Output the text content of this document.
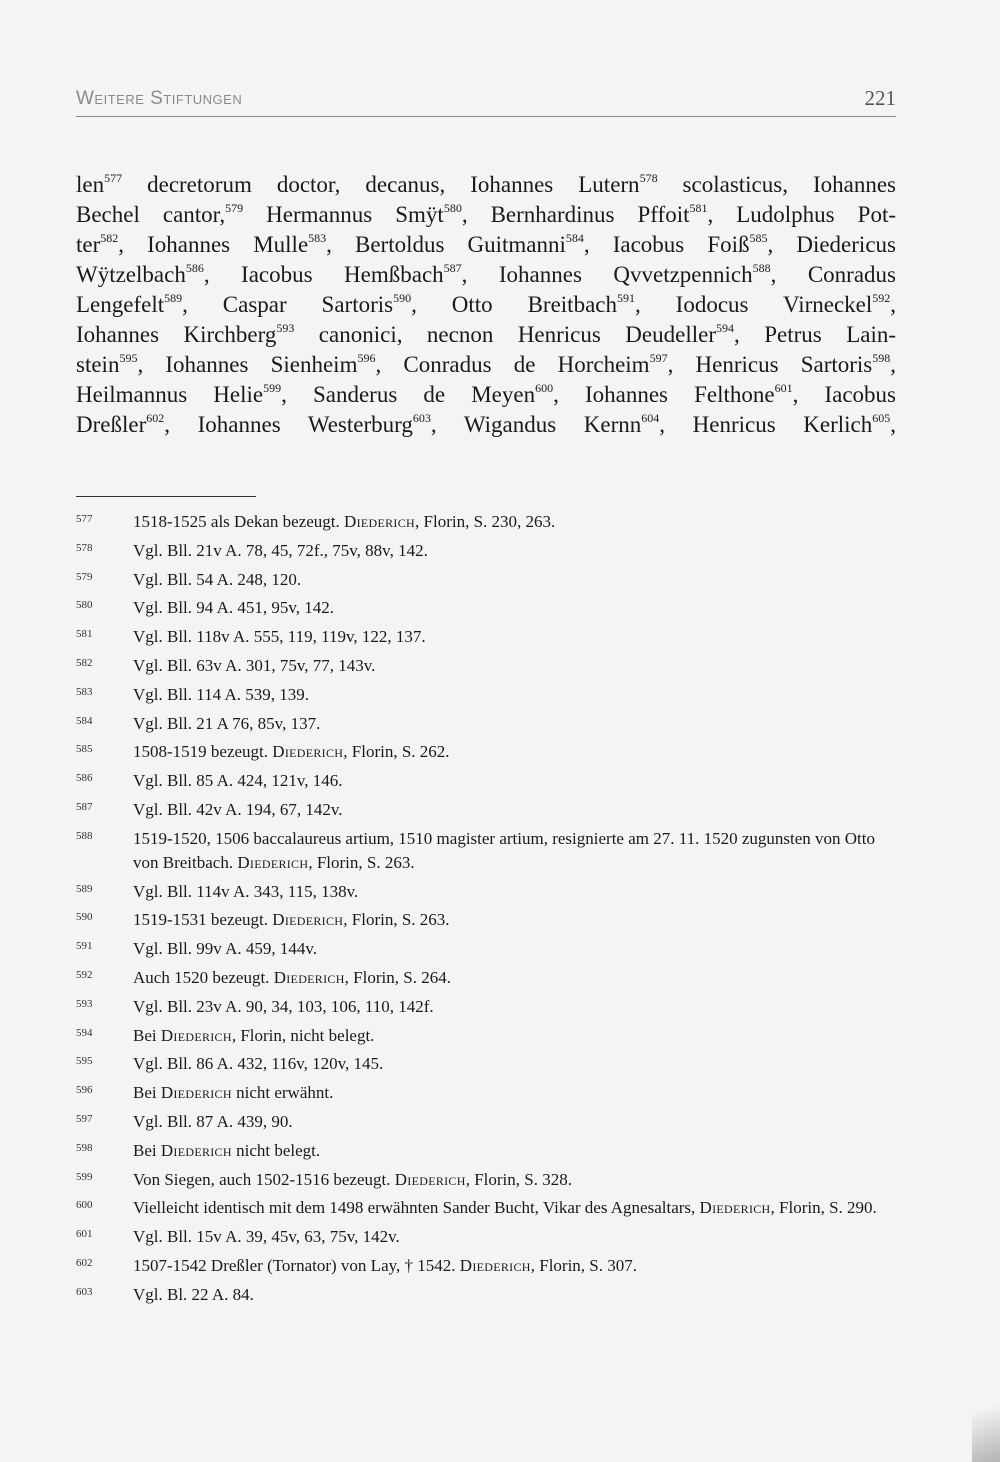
Weitere Stiftungen	221
len$^{577}$ decretorum doctor, decanus, Iohannes Lutern$^{578}$ scolasticus, Iohannes
Bechel cantor,$^{579}$ Hermannus Smÿt$^{580}$, Bernhardinus Pffoit$^{581}$, Ludolphus Pot-
ter$^{582}$, Iohannes Mulle$^{583}$, Bertoldus Guitmanni$^{584}$, Iacobus Foiß$^{585}$, Diedericus
Wÿtzelbach$^{586}$, Iacobus Hemßbach$^{587}$, Iohannes Qvvetzpennich$^{588}$, Conradus
Lengefelt$^{589}$, Caspar Sartoris$^{590}$, Otto Breitbach$^{591}$, Iodocus Virneckel$^{592}$,
Iohannes Kirchberg$^{593}$ canonici, necnon Henricus Deudeller$^{594}$, Petrus Lain-
stein$^{595}$, Iohannes Sienheim$^{596}$, Conradus de Horcheim$^{597}$, Henricus Sartoris$^{598}$,
Heilmannus Helie$^{599}$, Sanderus de Meyen$^{600}$, Iohannes Felthone$^{601}$, Iacobus
Dreßler$^{602}$, Iohannes Westerburg$^{603}$, Wigandus Kernn$^{604}$, Henricus Kerlich$^{605}$,
577 1518-1525 als Dekan bezeugt. Diederich, Florin, S. 230, 263.
578 Vgl. Bll. 21v A. 78, 45, 72f., 75v, 88v, 142.
579 Vgl. Bll. 54 A. 248, 120.
580 Vgl. Bll. 94 A. 451, 95v, 142.
581 Vgl. Bll. 118v A. 555, 119, 119v, 122, 137.
582 Vgl. Bll. 63v A. 301, 75v, 77, 143v.
583 Vgl. Bll. 114 A. 539, 139.
584 Vgl. Bll. 21 A 76, 85v, 137.
585 1508-1519 bezeugt. Diederich, Florin, S. 262.
586 Vgl. Bll. 85 A. 424, 121v, 146.
587 Vgl. Bll. 42v A. 194, 67, 142v.
588 1519-1520, 1506 baccalaureus artium, 1510 magister artium, resignierte am 27. 11. 1520 zugunsten von Otto von Breitbach. Diederich, Florin, S. 263.
589 Vgl. Bll. 114v A. 343, 115, 138v.
590 1519-1531 bezeugt. Diederich, Florin, S. 263.
591 Vgl. Bll. 99v A. 459, 144v.
592 Auch 1520 bezeugt. Diederich, Florin, S. 264.
593 Vgl. Bll. 23v A. 90, 34, 103, 106, 110, 142f.
594 Bei Diederich, Florin, nicht belegt.
595 Vgl. Bll. 86 A. 432, 116v, 120v, 145.
596 Bei Diederich nicht erwähnt.
597 Vgl. Bll. 87 A. 439, 90.
598 Bei Diederich nicht belegt.
599 Von Siegen, auch 1502-1516 bezeugt. Diederich, Florin, S. 328.
600 Vielleicht identisch mit dem 1498 erwähnten Sander Bucht, Vikar des Agnesaltars, Diederich, Florin, S. 290.
601 Vgl. Bll. 15v A. 39, 45v, 63, 75v, 142v.
602 1507-1542 Dreßler (Tornator) von Lay, † 1542. Diederich, Florin, S. 307.
603 Vgl. Bl. 22 A. 84.
